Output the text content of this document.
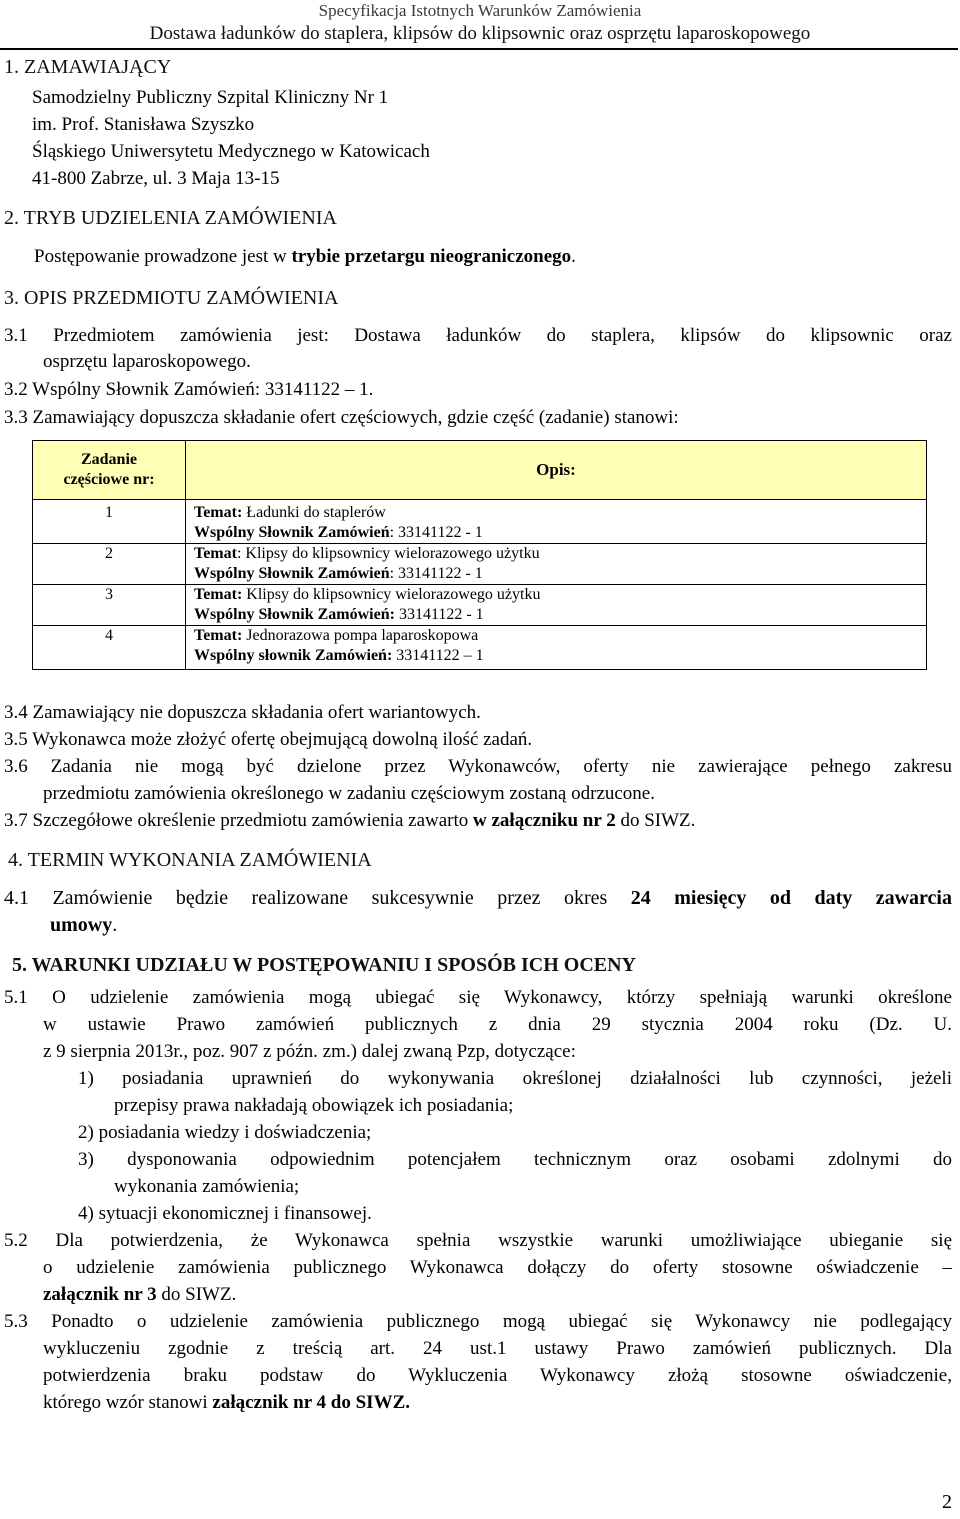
Specyfikacja Istotnych Warunków Zamówienia
Dostawa ładunków do staplera, klipsów do klipsownic oraz osprzętu laparoskopowego
1. ZAMAWIAJĄCY
Samodzielny Publiczny Szpital Kliniczny Nr 1
im. Prof. Stanisława Szyszko
Śląskiego Uniwersytetu Medycznego w Katowicach
41-800 Zabrze, ul. 3 Maja 13-15
2. TRYB UDZIELENIA ZAMÓWIENIA
Postępowanie prowadzone jest w trybie przetargu nieograniczonego.
3. OPIS PRZEDMIOTU ZAMÓWIENIA
3.1 Przedmiotem zamówienia jest: Dostawa ładunków do staplera, klipsów do klipsownic oraz
osprzętu laparoskopowego.
3.2 Wspólny Słownik Zamówień: 33141122 – 1.
3.3 Zamawiający dopuszcza składanie ofert częściowych, gdzie część (zadanie) stanowi:
Zadanie
częściowe nr:	Opis:
1	Temat: Ładunki do staplerów
Wspólny Słownik Zamówień: 33141122 - 1
2	Temat: Klipsy do klipsownicy wielorazowego użytku
Wspólny Słownik Zamówień: 33141122 - 1
3	Temat: Klipsy do klipsownicy wielorazowego użytku
Wspólny Słownik Zamówień: 33141122 - 1
4	Temat: Jednorazowa pompa laparoskopowa
Wspólny słownik Zamówień: 33141122 – 1
3.4 Zamawiający nie dopuszcza składania ofert wariantowych.
3.5 Wykonawca może złożyć ofertę obejmującą dowolną ilość zadań.
3.6 Zadania nie mogą być dzielone przez Wykonawców, oferty nie zawierające pełnego zakresu
przedmiotu zamówienia określonego w zadaniu częściowym zostaną odrzucone.
3.7 Szczegółowe określenie przedmiotu zamówienia zawarto w załączniku nr 2 do SIWZ.
4. TERMIN WYKONANIA ZAMÓWIENIA
4.1 Zamówienie będzie realizowane sukcesywnie przez okres 24 miesięcy od daty zawarcia
umowy.
5. WARUNKI UDZIAŁU W POSTĘPOWANIU I SPOSÓB ICH OCENY
5.1 O udzielenie zamówienia mogą ubiegać się Wykonawcy, którzy spełniają warunki określone
w ustawie Prawo zamówień publicznych z dnia 29 stycznia 2004 roku (Dz. U.
z 9 sierpnia 2013r., poz. 907 z późn. zm.) dalej zwaną Pzp, dotyczące:
1) posiadania uprawnień do wykonywania określonej działalności lub czynności, jeżeli
przepisy prawa nakładają obowiązek ich posiadania;
2) posiadania wiedzy i doświadczenia;
3) dysponowania odpowiednim potencjałem technicznym oraz osobami zdolnymi do
wykonania zamówienia;
4) sytuacji ekonomicznej i finansowej.
5.2 Dla potwierdzenia, że Wykonawca spełnia wszystkie warunki umożliwiające ubieganie się
o udzielenie zamówienia publicznego Wykonawca dołączy do oferty stosowne oświadczenie –
załącznik nr 3 do SIWZ.
5.3 Ponadto o udzielenie zamówienia publicznego mogą ubiegać się Wykonawcy nie podlegający
wykluczeniu zgodnie z treścią art. 24 ust.1 ustawy Prawo zamówień publicznych. Dla
potwierdzenia braku podstaw do Wykluczenia Wykonawcy złożą stosowne oświadczenie,
którego wzór stanowi załącznik nr 4 do SIWZ.
2
